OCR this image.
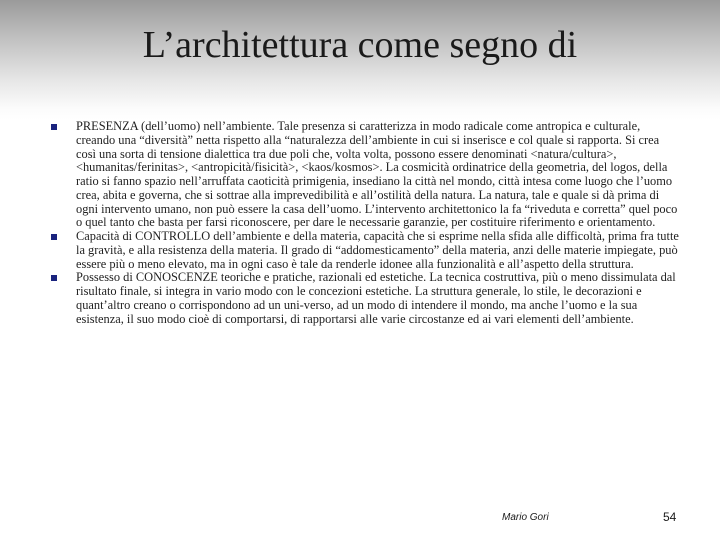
L’architettura come segno di
PRESENZA (dell’uomo) nell’ambiente. Tale presenza si caratterizza in modo radicale come antropica e culturale, creando una “diversità” netta rispetto alla “naturalezza dell’ambiente in cui si inserisce e col quale si rapporta. Si crea così una sorta di tensione dialettica tra due poli che, volta volta, possono essere denominati <natura/cultura>, <humanitas/ferinitas>, <antropicità/fisicità>, <kaos/kosmos>. La cosmicità ordinatrice della geometria, del logos, della ratio si fanno spazio nell’arruffata caoticità primigenia, insediano la città nel mondo, città intesa come luogo che l’uomo crea, abita e governa, che si sottrae alla imprevedibilità e all’ostilità della natura. La natura, tale e quale si dà prima di ogni intervento umano, non può essere la casa dell’uomo. L’intervento architettonico la fa “riveduta e corretta” quel poco o quel tanto che basta per farsi riconoscere, per dare le necessarie garanzie, per costituire riferimento e orientamento.
Capacità di CONTROLLO dell’ambiente e della materia, capacità che si esprime nella sfida alle difficoltà, prima fra tutte la gravità, e alla resistenza della materia. Il grado di “addomesticamento” della materia, anzi delle materie impiegate, può essere più o meno elevato, ma in ogni caso è tale da renderle idonee alla funzionalità e all’aspetto della struttura.
Possesso di CONOSCENZE teoriche e pratiche, razionali ed estetiche. La tecnica costruttiva, più o meno dissimulata dal risultato finale, si integra in vario modo con le concezioni estetiche. La struttura generale, lo stile, le decorazioni e quant’altro creano o corrispondono ad un uni-verso, ad un modo di intendere il mondo, ma anche l’uomo e la sua esistenza, il suo modo cioè di comportarsi, di rapportarsi alle varie circostanze ed ai vari elementi dell’ambiente.
Mario Gori	54
